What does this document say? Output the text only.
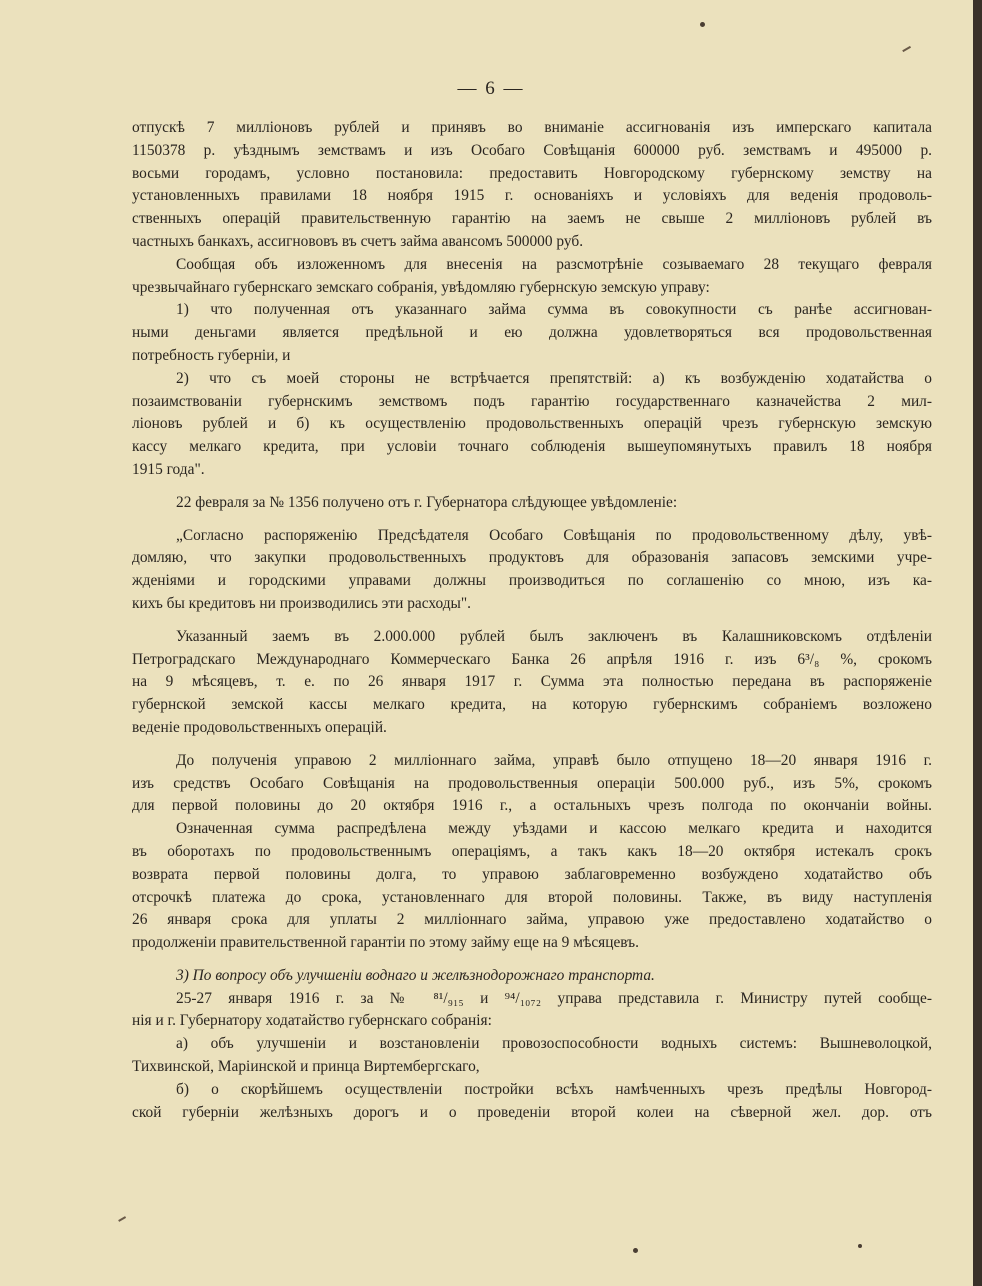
— 6 —

отпускѣ 7 милліоновъ рублей и принявъ во вниманіе ассигнованія изъ имперскаго капитала
1150378 р. уѣзднымъ земствамъ и изъ Особаго Совѣщанія 600000 руб. земствамъ и 495000 р.
восьми городамъ, условно постановила: предоставить Новгородскому губернскому земству на
установленныхъ правилами 18 ноября 1915 г. основаніяхъ и условіяхъ для веденія продоволь-
ственныхъ операцій правительственную гарантію на заемъ не свыше 2 милліоновъ рублей въ
частныхъ банкахъ, ассигнововъ въ счетъ займа авансомъ 500000 руб.

Сообщая объ изложенномъ для внесенія на разсмотрѣніе созываемаго 28 текущаго февраля
чрезвычайнаго губернскаго земскаго собранія, увѣдомляю губернскую земскую управу:

1) что полученная отъ указаннаго займа сумма въ совокупности съ ранѣе ассигнован-
ными деньгами является предѣльной и ею должна удовлетворяться вся продовольственная
потребность губерніи, и

2) что съ моей стороны не встрѣчается препятствій: а) къ возбужденію ходатайства о
позаимствованіи губернскимъ земствомъ подъ гарантію государственнаго казначейства 2 мил-
ліоновъ рублей и б) къ осуществленію продовольственныхъ операцій чрезъ губернскую земскую
кассу мелкаго кредита, при условіи точнаго соблюденія вышеупомянутыхъ правилъ 18 ноября
1915 года".

22 февраля за № 1356 получено отъ г. Губернатора слѣдующее увѣдомленіе:

„Согласно распоряженію Предсѣдателя Особаго Совѣщанія по продовольственному дѣлу, увѣ-
домляю, что закупки продовольственныхъ продуктовъ для образованія запасовъ земскими учре-
жденіями и городскими управами должны производиться по соглашенію со мною, изъ ка-
кихъ бы кредитовъ ни производились эти расходы".

Указанный заемъ въ 2.000.000 рублей былъ заключенъ въ Калашниковскомъ отдѣленіи
Петроградскаго Международнаго Коммерческаго Банка 26 апрѣля 1916 г. изъ 6³/₈ %, срокомъ
на 9 мѣсяцевъ, т. е. по 26 января 1917 г. Сумма эта полностью передана въ распоряженіе
губернской земской кассы мелкаго кредита, на которую губернскимъ собраніемъ возложено
веденіе продовольственныхъ операцій.

До полученія управою 2 милліоннаго займа, управѣ было отпущено 18—20 января 1916 г.
изъ средствъ Особаго Совѣщанія на продовольственныя операціи 500.000 руб., изъ 5%, срокомъ
для первой половины до 20 октября 1916 г., а остальныхъ чрезъ полгода по окончаніи войны.

Означенная сумма распредѣлена между уѣздами и кассою мелкаго кредита и находится
въ оборотахъ по продовольственнымъ операціямъ, а такъ какъ 18—20 октября истекалъ срокъ
возврата первой половины долга, то управою заблаговременно возбуждено ходатайство объ
отсрочкѣ платежа до срока, установленнаго для второй половины. Также, въ виду наступленія
26 января срока для уплаты 2 милліоннаго займа, управою уже предоставлено ходатайство о
продолженіи правительственной гарантіи по этому займу еще на 9 мѣсяцевъ.

3) По вопросу объ улучшеніи воднаго и желѣзнодорожнаго транспорта.

25-27 января 1916 г. за № ⁸¹/₉₁₅ и ⁹⁴/₁₀₇₂ управа представила г. Министру путей сообще-
нія и г. Губернатору ходатайство губернскаго собранія:

а) объ улучшеніи и возстановленіи провозоспособности водныхъ системъ: Вышневолоцкой,
Тихвинской, Маріинской и принца Виртембергскаго,

б) о скорѣйшемъ осуществленіи постройки всѣхъ намѣченныхъ чрезъ предѣлы Новгород-
ской губерніи желѣзныхъ дорогъ и о проведеніи второй колеи на сѣверной жел. дор. отъ
